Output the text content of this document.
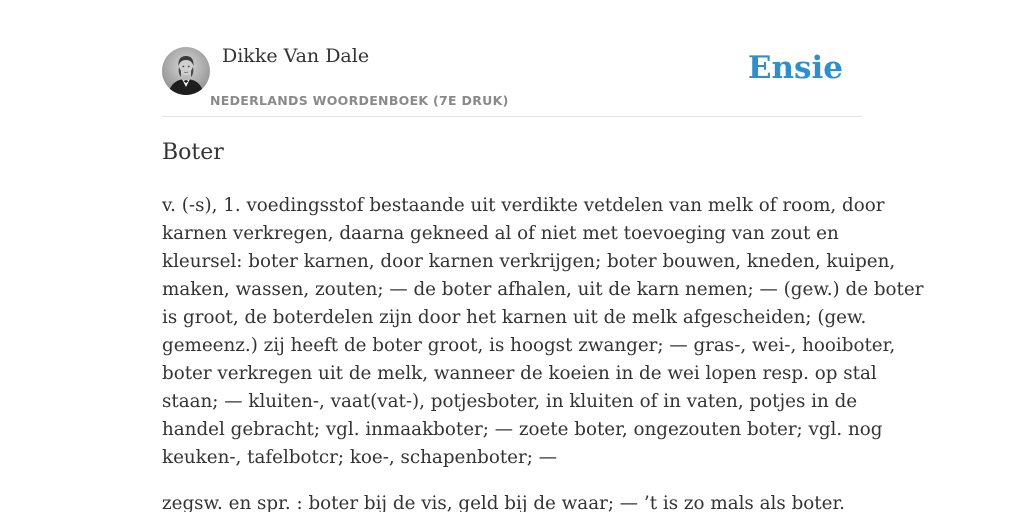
Dikke Van Dale
NEDERLANDS WOORDENBOEK (7E DRUK)
Ensie
Boter

v. (-s), 1. voedingsstof bestaande uit verdikte vetdelen van melk of room, door
karnen verkregen, daarna gekneed al of niet met toevoeging van zout en
kleursel: boter karnen, door karnen verkrijgen; boter bouwen, kneden, kuipen,
maken, wassen, zouten; — de boter afhalen, uit de karn nemen; — (gew.) de boter
is groot, de boterdelen zijn door het karnen uit de melk afgescheiden; (gew.
gemeenz.) zij heeft de boter groot, is hoogst zwanger; — gras-, wei-, hooiboter,
boter verkregen uit de melk, wanneer de koeien in de wei lopen resp. op stal
staan; — kluiten-, vaat(vat-), potjesboter, in kluiten of in vaten, potjes in de
handel gebracht; vgl. inmaakboter; — zoete boter, ongezouten boter; vgl. nog
keuken-, tafelbotcr; koe-, schapenboter; —

zegsw. en spr. : boter bij de vis, geld bij de waar; — ’t is zo mals als boter.
